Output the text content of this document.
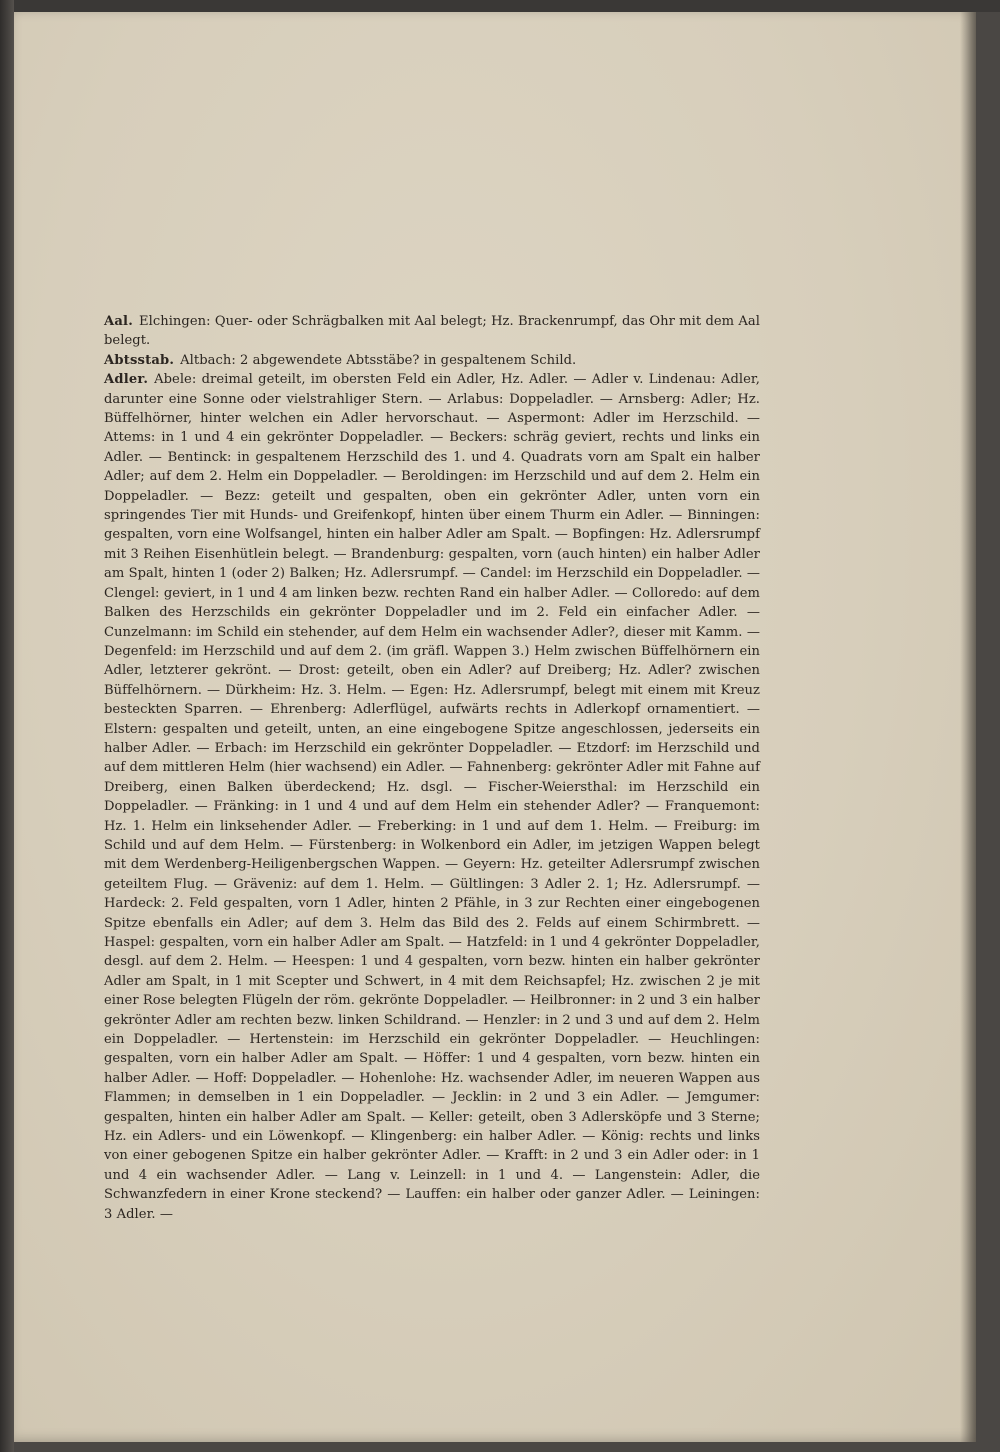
Aal. Elchingen: Quer- oder Schrägbalken mit Aal belegt; Hz. Brackenrumpf, das Ohr mit dem Aal belegt.

Abtsstab. Altbach: 2 abgewendete Abtsstäbe? in gespaltenem Schild.

Adler. Abele: dreimal geteilt, im obersten Feld ein Adler, Hz. Adler. — Adler v. Lindenau: Adler, darunter eine Sonne oder vielstrahliger Stern. — Arlabus: Doppeladler. — Arnsberg: Adler; Hz. Büffelhörner, hinter welchen ein Adler hervorschaut. — Aspermont: Adler im Herzschild. — Attems: in 1 und 4 ein gekrönter Doppeladler. — Beckers: schräg geviert, rechts und links ein Adler. — Bentinck: in gespaltenem Herzschild des 1. und 4. Quadrats vorn am Spalt ein halber Adler; auf dem 2. Helm ein Doppeladler. — Beroldingen: im Herzschild und auf dem 2. Helm ein Doppeladler. — Bezz: geteilt und gespalten, oben ein gekrönter Adler, unten vorn ein springendes Tier mit Hunds- und Greifenkopf, hinten über einem Thurm ein Adler. — Binningen: gespalten, vorn eine Wolfsangel, hinten ein halber Adler am Spalt. — Bopfingen: Hz. Adlersrumpf mit 3 Reihen Eisenhütlein belegt. — Brandenburg: gespalten, vorn (auch hinten) ein halber Adler am Spalt, hinten 1 (oder 2) Balken; Hz. Adlersrumpf. — Candel: im Herzschild ein Doppeladler. — Clengel: geviert, in 1 und 4 am linken bezw. rechten Rand ein halber Adler. — Colloredo: auf dem Balken des Herzschilds ein gekrönter Doppeladler und im 2. Feld ein einfacher Adler. — Cunzelmann: im Schild ein stehender, auf dem Helm ein wachsender Adler?, dieser mit Kamm. — Degenfeld: im Herzschild und auf dem 2. (im gräfl. Wappen 3.) Helm zwischen Büffelhörnern ein Adler, letzterer gekrönt. — Drost: geteilt, oben ein Adler? auf Dreiberg; Hz. Adler? zwischen Büffelhörnern. — Dürkheim: Hz. 3. Helm. — Egen: Hz. Adlersrumpf, belegt mit einem mit Kreuz besteckten Sparren. — Ehrenberg: Adlerflügel, aufwärts rechts in Adlerkopf ornamentiert. — Elstern: gespalten und geteilt, unten, an eine eingebogene Spitze angeschlossen, jederseits ein halber Adler. — Erbach: im Herzschild ein gekrönter Doppeladler. — Etzdorf: im Herzschild und auf dem mittleren Helm (hier wachsend) ein Adler. — Fahnenberg: gekrönter Adler mit Fahne auf Dreiberg, einen Balken überdeckend; Hz. dsgl. — Fischer-Weiersthal: im Herzschild ein Doppeladler. — Fränking: in 1 und 4 und auf dem Helm ein stehender Adler? — Franquemont: Hz. 1. Helm ein linksehender Adler. — Freberking: in 1 und auf dem 1. Helm. — Freiburg: im Schild und auf dem Helm. — Fürstenberg: in Wolkenbord ein Adler, im jetzigen Wappen belegt mit dem Werdenberg-Heiligenbergschen Wappen. — Geyern: Hz. geteilter Adlersrumpf zwischen geteiltem Flug. — Gräveniz: auf dem 1. Helm. — Gültlingen: 3 Adler 2. 1; Hz. Adlersrumpf. — Hardeck: 2. Feld gespalten, vorn 1 Adler, hinten 2 Pfähle, in 3 zur Rechten einer eingebogenen Spitze ebenfalls ein Adler; auf dem 3. Helm das Bild des 2. Felds auf einem Schirmbrett. — Haspel: gespalten, vorn ein halber Adler am Spalt. — Hatzfeld: in 1 und 4 gekrönter Doppeladler, desgl. auf dem 2. Helm. — Heespen: 1 und 4 gespalten, vorn bezw. hinten ein halber gekrönter Adler am Spalt, in 1 mit Scepter und Schwert, in 4 mit dem Reichsapfel; Hz. zwischen 2 je mit einer Rose belegten Flügeln der röm. gekrönte Doppeladler. — Heilbronner: in 2 und 3 ein halber gekrönter Adler am rechten bezw. linken Schildrand. — Henzler: in 2 und 3 und auf dem 2. Helm ein Doppeladler. — Hertenstein: im Herzschild ein gekrönter Doppeladler. — Heuchlingen: gespalten, vorn ein halber Adler am Spalt. — Höffer: 1 und 4 gespalten, vorn bezw. hinten ein halber Adler. — Hoff: Doppeladler. — Hohenlohe: Hz. wachsender Adler, im neueren Wappen aus Flammen; in demselben in 1 ein Doppeladler. — Jecklin: in 2 und 3 ein Adler. — Jemgumer: gespalten, hinten ein halber Adler am Spalt. — Keller: geteilt, oben 3 Adlersköpfe und 3 Sterne; Hz. ein Adlers- und ein Löwenkopf. — Klingenberg: ein halber Adler. — König: rechts und links von einer gebogenen Spitze ein halber gekrönter Adler. — Krafft: in 2 und 3 ein Adler oder: in 1 und 4 ein wachsender Adler. — Lang v. Leinzell: in 1 und 4. — Langenstein: Adler, die Schwanzfedern in einer Krone steckend? — Lauffen: ein halber oder ganzer Adler. — Leiningen: 3 Adler. —
